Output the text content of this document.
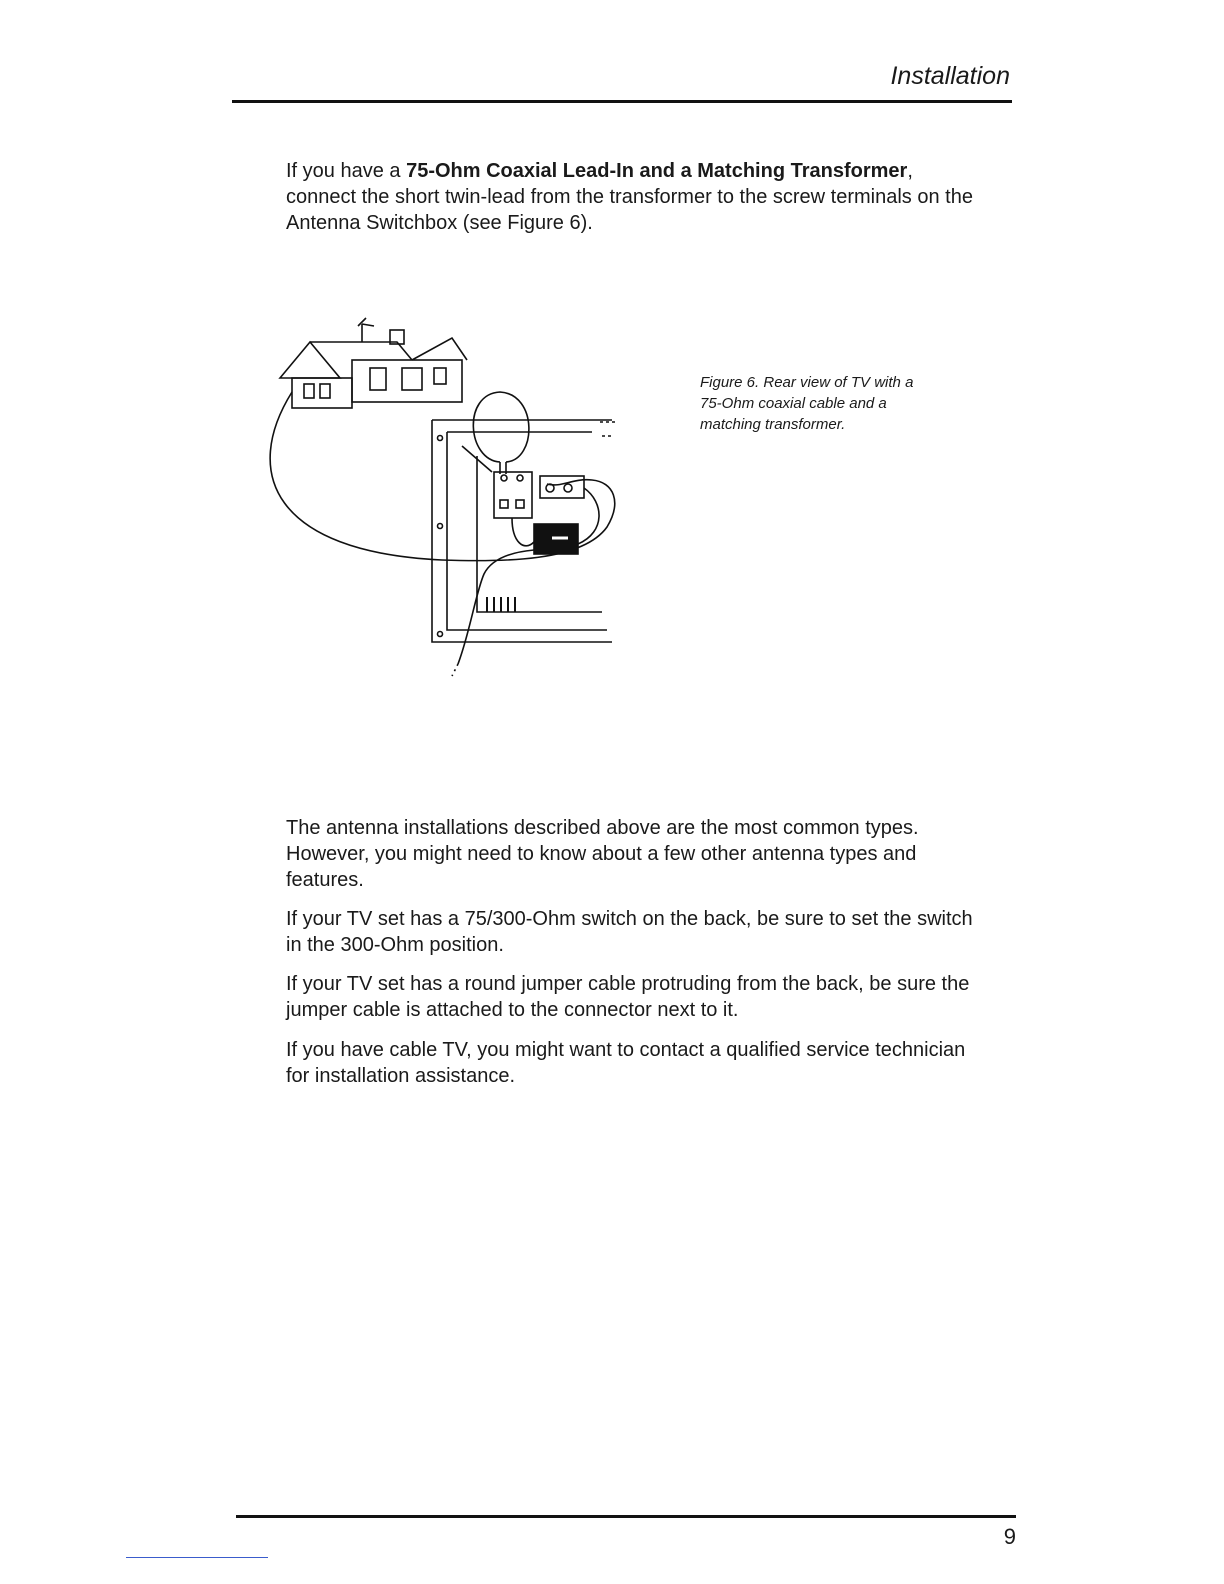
Installation

If you have a 75-Ohm Coaxial Lead-In and a Matching Transformer, connect the short twin-lead from the transformer to the screw terminals on the Antenna Switchbox (see Figure 6).

Figure 6. Rear view of TV with a 75-Ohm coaxial cable and a matching transformer.

The antenna installations described above are the most common types. However, you might need to know about a few other antenna types and features.

If your TV set has a 75/300-Ohm switch on the back, be sure to set the switch in the 300-Ohm position.

If your TV set has a round jumper cable protruding from the back, be sure the jumper cable is attached to the connector next to it.

If you have cable TV, you might want to contact a qualified service technician for installation assistance.

9
